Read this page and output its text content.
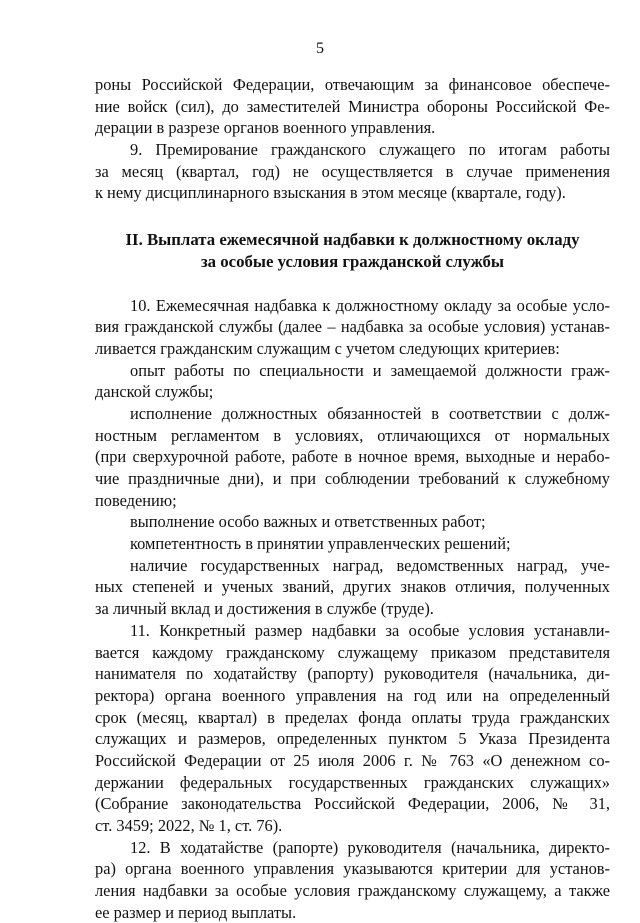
5
роны Российской Федерации, отвечающим за финансовое обеспече-
ние войск (сил), до заместителей Министра обороны Российской Фе-
дерации в разрезе органов военного управления.
9. Премирование гражданского служащего по итогам работы
за месяц (квартал, год) не осуществляется в случае применения
к нему дисциплинарного взыскания в этом месяце (квартале, году).
II. Выплата ежемесячной надбавки к должностному окладу
за особые условия гражданской службы
10. Ежемесячная надбавка к должностному окладу за особые усло-
вия гражданской службы (далее – надбавка за особые условия) устанав-
ливается гражданским служащим с учетом следующих критериев:
опыт работы по специальности и замещаемой должности граж-
данской службы;
исполнение должностных обязанностей в соответствии с долж-
ностным регламентом в условиях, отличающихся от нормальных
(при сверхурочной работе, работе в ночное время, выходные и нерабо-
чие праздничные дни), и при соблюдении требований к служебному
поведению;
выполнение особо важных и ответственных работ;
компетентность в принятии управленческих решений;
наличие государственных наград, ведомственных наград, уче-
ных степеней и ученых званий, других знаков отличия, полученных
за личный вклад и достижения в службе (труде).
11. Конкретный размер надбавки за особые условия устанавли-
вается каждому гражданскому служащему приказом представителя
нанимателя по ходатайству (рапорту) руководителя (начальника, ди-
ректора) органа военного управления на год или на определенный
срок (месяц, квартал) в пределах фонда оплаты труда гражданских
служащих и размеров, определенных пунктом 5 Указа Президента
Российской Федерации от 25 июля 2006 г. № 763 «О денежном со-
держании федеральных государственных гражданских служащих»
(Собрание законодательства Российской Федерации, 2006, № 31,
ст. 3459; 2022, № 1, ст. 76).
12. В ходатайстве (рапорте) руководителя (начальника, директо-
ра) органа военного управления указываются критерии для установ-
ления надбавки за особые условия гражданскому служащему, а также
ее размер и период выплаты.
